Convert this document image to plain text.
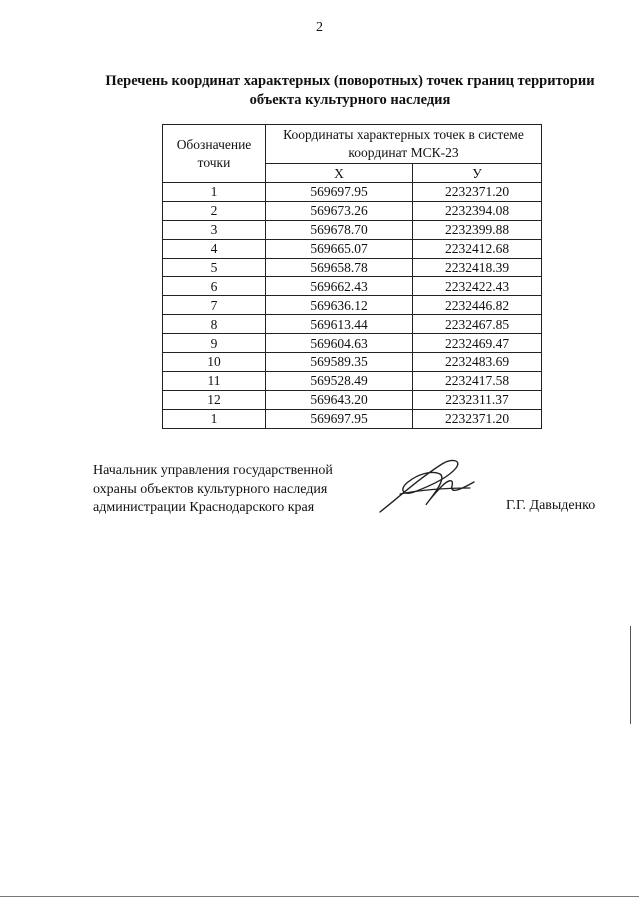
2
Перечень координат характерных (поворотных) точек границ территории
объекта культурного наследия
Обозначение
точки	Координаты характерных точек в системе
координат МСК-23	
	X	У
1	569697.95	2232371.20
2	569673.26	2232394.08
3	569678.70	2232399.88
4	569665.07	2232412.68
5	569658.78	2232418.39
6	569662.43	2232422.43
7	569636.12	2232446.82
8	569613.44	2232467.85
9	569604.63	2232469.47
10	569589.35	2232483.69
11	569528.49	2232417.58
12	569643.20	2232311.37
1	569697.95	2232371.20
Начальник управления государственной
охраны объектов культурного наследия
администрации Краснодарского края	Г.Г. Давыденко
